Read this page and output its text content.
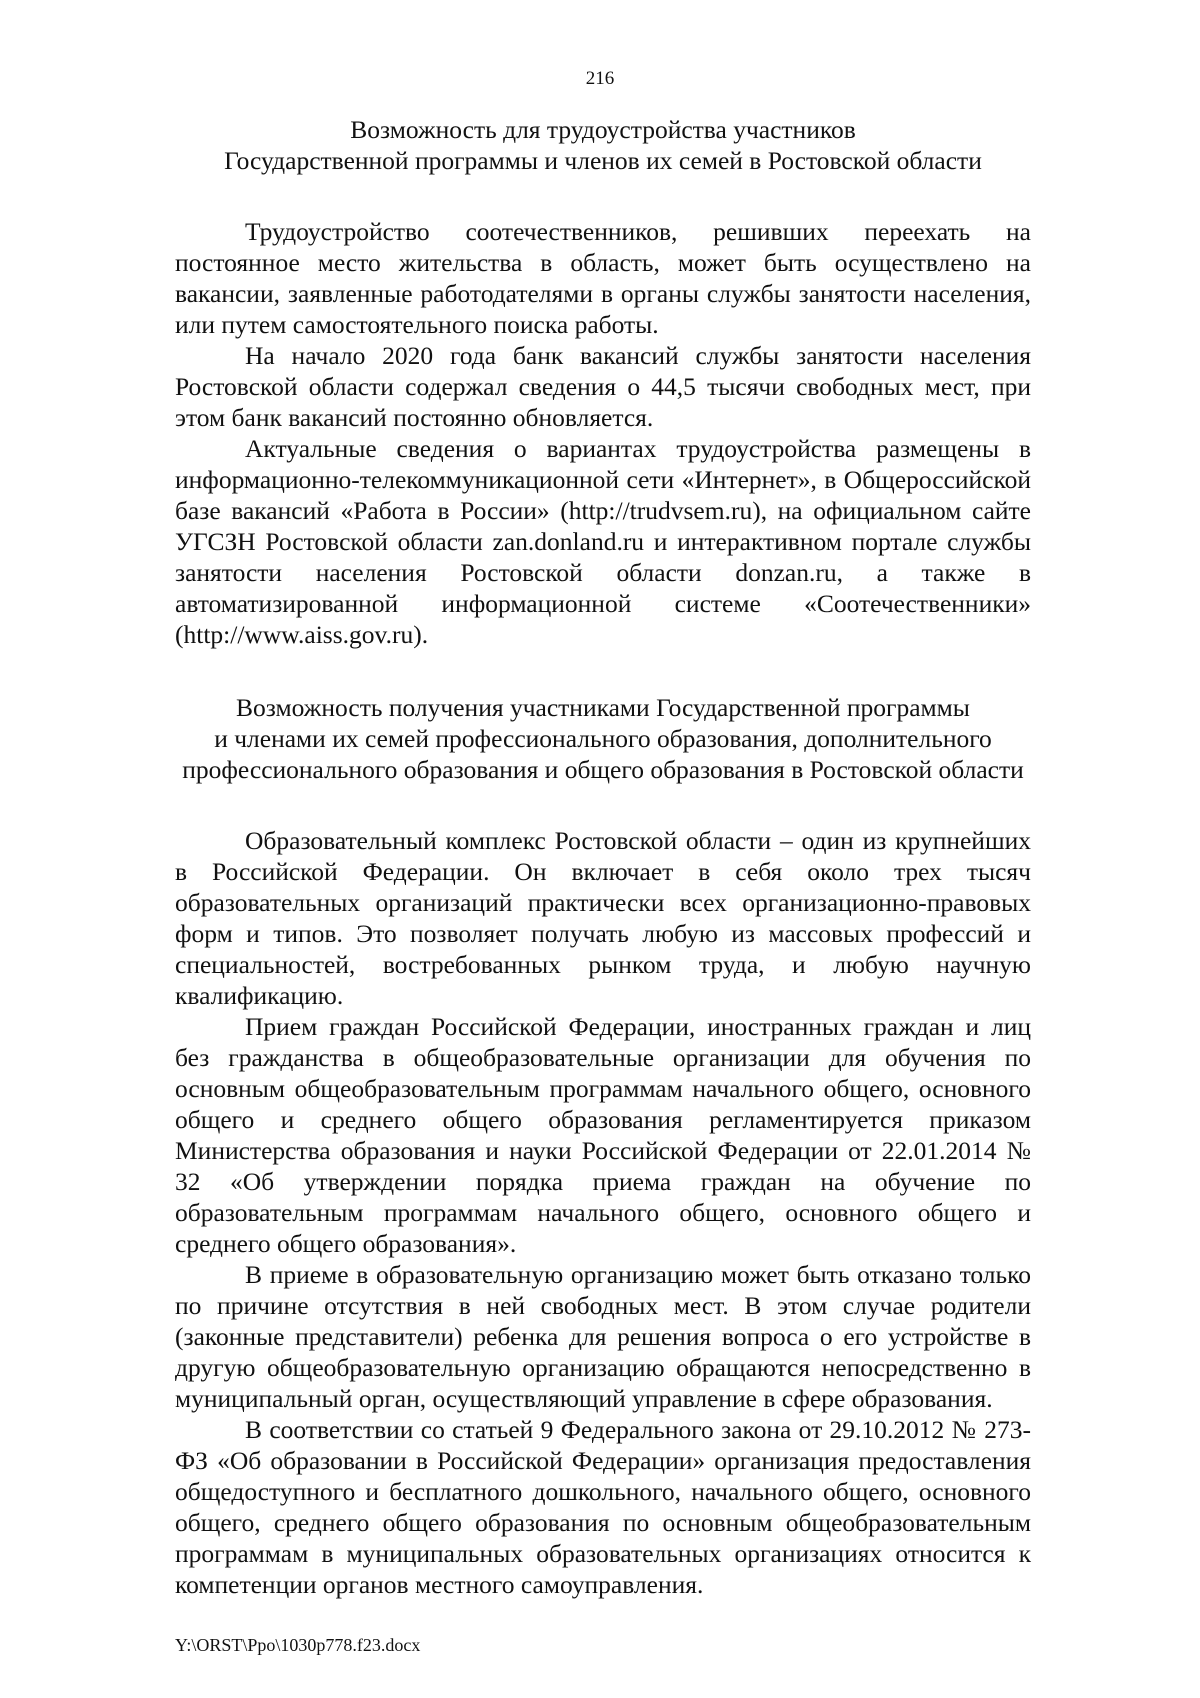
216
Возможность для трудоустройства участников
Государственной программы и членов их семей в Ростовской области

Трудоустройство соотечественников, решивших переехать на постоянное место жительства в область, может быть осуществлено на вакансии, заявленные работодателями в органы службы занятости населения, или путем самостоятельного поиска работы.

На начало 2020 года банк вакансий службы занятости населения Ростовской области содержал сведения о 44,5 тысячи свободных мест, при этом банк вакансий постоянно обновляется.

Актуальные сведения о вариантах трудоустройства размещены в информационно-телекоммуникационной сети «Интернет», в Общероссийской базе вакансий «Работа в России» (http://trudvsem.ru), на официальном сайте УГСЗН Ростовской области zan.donland.ru и интерактивном портале службы занятости населения Ростовской области donzan.ru, а также в автоматизированной информационной системе «Соотечественники» (http://www.aiss.gov.ru).

Возможность получения участниками Государственной программы
и членами их семей профессионального образования, дополнительного
профессионального образования и общего образования в Ростовской области

Образовательный комплекс Ростовской области – один из крупнейших в Российской Федерации. Он включает в себя около трех тысяч образовательных организаций практически всех организационно-правовых форм и типов. Это позволяет получать любую из массовых профессий и специальностей, востребованных рынком труда, и любую научную квалификацию.

Прием граждан Российской Федерации, иностранных граждан и лиц без гражданства в общеобразовательные организации для обучения по основным общеобразовательным программам начального общего, основного общего и среднего общего образования регламентируется приказом Министерства образования и науки Российской Федерации от 22.01.2014 № 32 «Об утверждении порядка приема граждан на обучение по образовательным программам начального общего, основного общего и среднего общего образования».

В приеме в образовательную организацию может быть отказано только по причине отсутствия в ней свободных мест. В этом случае родители (законные представители) ребенка для решения вопроса о его устройстве в другую общеобразовательную организацию обращаются непосредственно в муниципальный орган, осуществляющий управление в сфере образования.

В соответствии со статьей 9 Федерального закона от 29.10.2012 № 273-ФЗ «Об образовании в Российской Федерации» организация предоставления общедоступного и бесплатного дошкольного, начального общего, основного общего, среднего общего образования по основным общеобразовательным программам в муниципальных образовательных организациях относится к компетенции органов местного самоуправления.

Y:\ORST\Ppo\1030p778.f23.docx
